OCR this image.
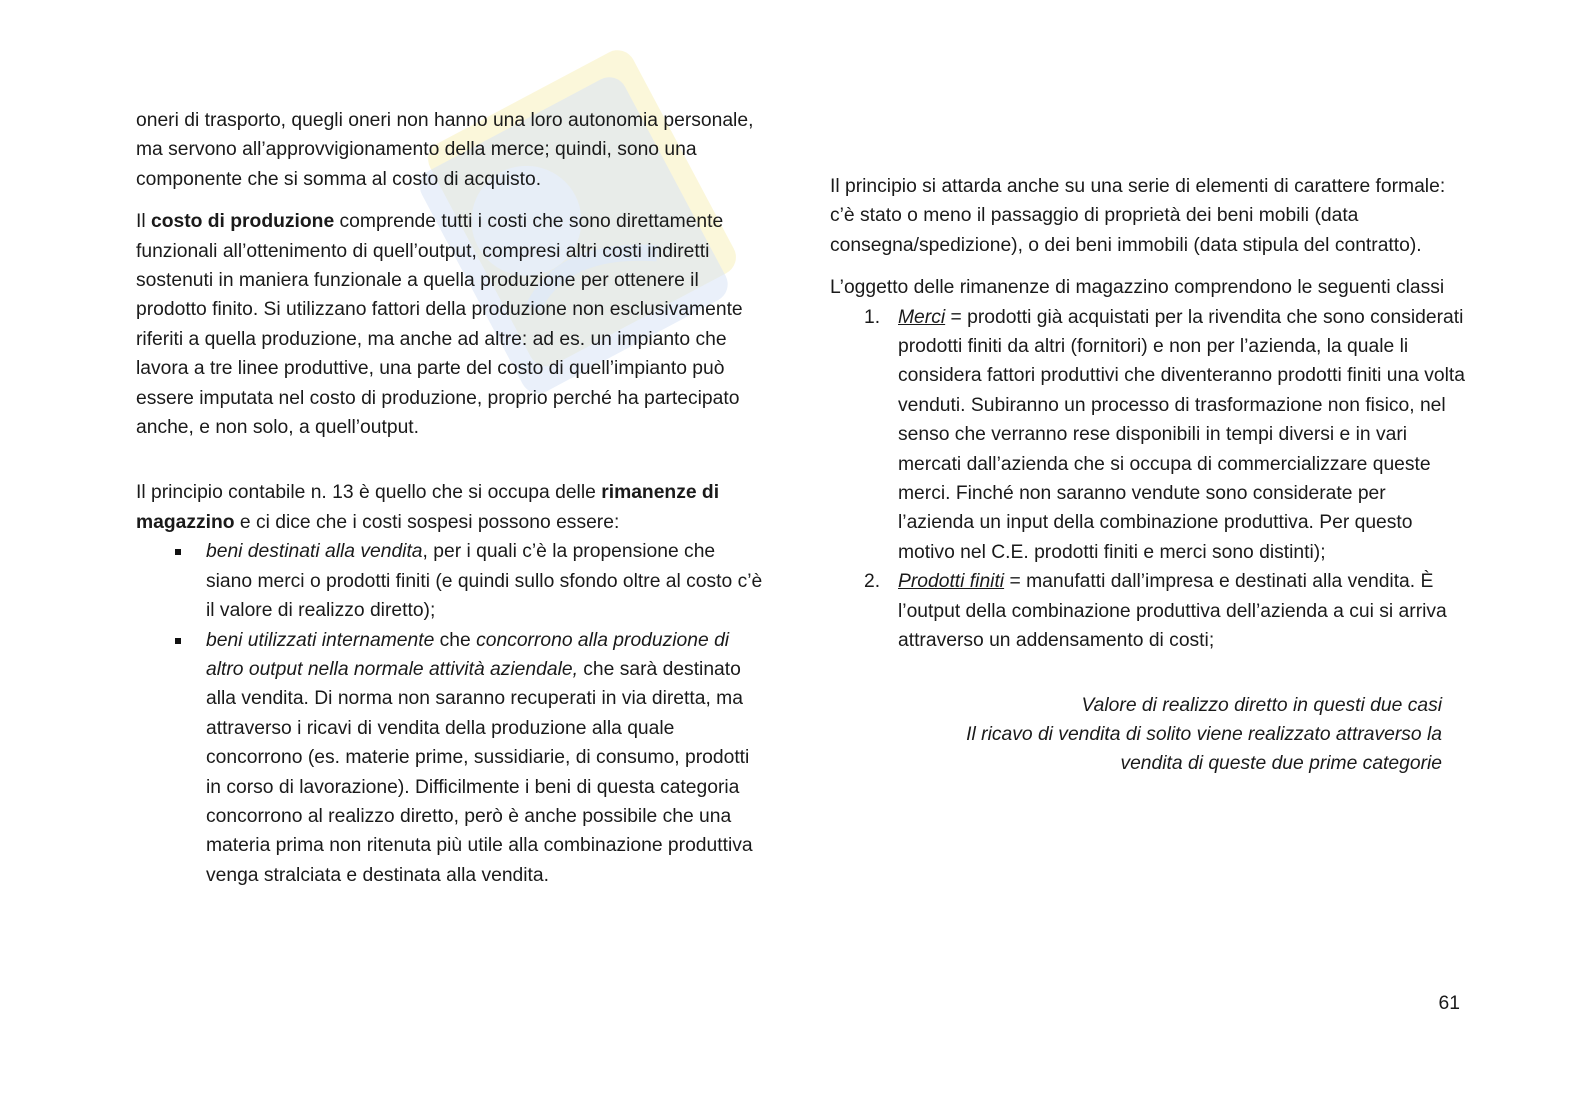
oneri di trasporto, quegli oneri non hanno una loro autonomia personale, ma servono all’approvvigionamento della merce; quindi, sono una componente che si somma al costo di acquisto.

Il costo di produzione comprende tutti i costi che sono direttamente funzionali all’ottenimento di quell’output, compresi altri costi indiretti sostenuti in maniera funzionale a quella produzione per ottenere il prodotto finito. Si utilizzano fattori della produzione non esclusivamente riferiti a quella produzione, ma anche ad altre: ad es. un impianto che lavora a tre linee produttive, una parte del costo di quell’impianto può essere imputata nel costo di produzione, proprio perché ha partecipato anche, e non solo, a quell’output.

Il principio contabile n. 13 è quello che si occupa delle rimanenze di magazzino e ci dice che i costi sospesi possono essere:

beni destinati alla vendita, per i quali c’è la propensione che siano merci o prodotti finiti (e quindi sullo sfondo oltre al costo c’è il valore di realizzo diretto);
beni utilizzati internamente che concorrono alla produzione di altro output nella normale attività aziendale, che sarà destinato alla vendita. Di norma non saranno recuperati in via diretta, ma attraverso i ricavi di vendita della produzione alla quale concorrono (es. materie prime, sussidiarie, di consumo, prodotti in corso di lavorazione). Difficilmente i beni di questa categoria concorrono al realizzo diretto, però è anche possibile che una materia prima non ritenuta più utile alla combinazione produttiva venga stralciata e destinata alla vendita.

Il principio si attarda anche su una serie di elementi di carattere formale: c’è stato o meno il passaggio di proprietà dei beni mobili (data consegna/spedizione), o dei beni immobili (data stipula del contratto).

L’oggetto delle rimanenze di magazzino comprendono le seguenti classi

1. Merci = prodotti già acquistati per la rivendita che sono considerati prodotti finiti da altri (fornitori) e non per l’azienda, la quale li considera fattori produttivi che diventeranno prodotti finiti una volta venduti. Subiranno un processo di trasformazione non fisico, nel senso che verranno rese disponibili in tempi diversi e in vari mercati dall’azienda che si occupa di commercializzare queste merci. Finché non saranno vendute sono considerate per l’azienda un input della combinazione produttiva. Per questo motivo nel C.E. prodotti finiti e merci sono distinti);
2. Prodotti finiti = manufatti dall’impresa e destinati alla vendita. È l’output della combinazione produttiva dell’azienda a cui si arriva attraverso un addensamento di costi;

Valore di realizzo diretto in questi due casi
Il ricavo di vendita di solito viene realizzato attraverso la
vendita di queste due prime categorie

61
